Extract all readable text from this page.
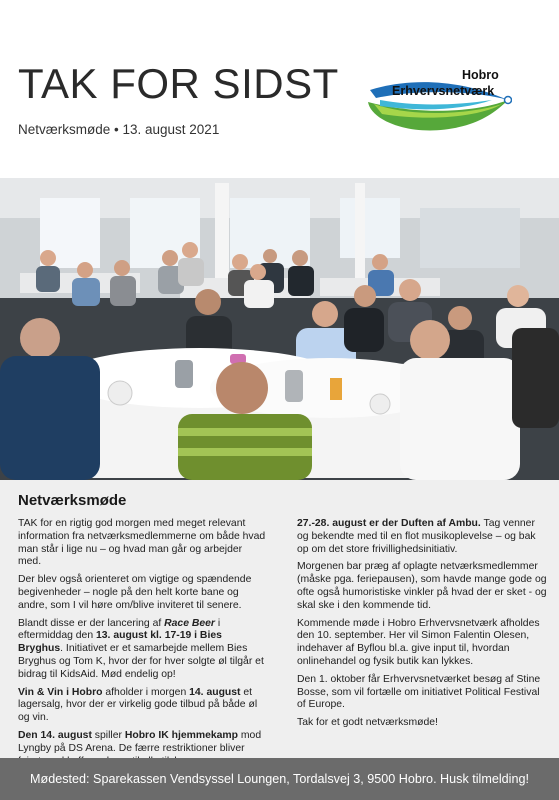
TAK FOR SIDST
Netværksmøde • 13. august 2021
Hobro
Erhvervsnetværk
Netværksmøde

TAK for en rigtig god morgen med meget relevant information fra netværksmedlemmerne om både hvad man står i lige nu – og hvad man går og arbejder med.

Der blev også orienteret om vigtige og spændende begivenheder – nogle på den helt korte bane og andre, som I vil høre om/blive inviteret til senere.

Blandt disse er der lancering af Race Beer i eftermiddag den 13. august kl. 17-19 i Bies Bryghus. Initiativet er et samarbejde mellem Bies Bryghus og Tom K, hvor der for hver solgte øl tilgår et bidrag til KidsAid. Mød endelig op!

Vin & Vin i Hobro afholder i morgen 14. august et lagersalg, hvor der er virkelig gode tilbud på både øl og vin.

Den 14. august spiller Hobro IK hjemmekamp mod Lyngby på DS Arena. De færre restriktioner bliver

27.-28. august er der Duften af Ambu. Tag venner og bekendte med til en flot musikoplevelse – og bak op om det store frivillighedsinitiativ.

Morgenen bar præg af oplagte netværksmedlemmer (måske pga. feriepausen), som havde mange gode og ofte også humoristiske vinkler på hvad der er sket - og skal ske i den kommende tid.

Kommende møde i Hobro Erhvervsnetværk afholdes den 10. september. Her vil Simon Falentin Olesen, indehaver af Byflou bl.a. give input til, hvordan onlinehandel og fysik butik kan lykkes.

Den 1. oktober får Erhvervsnetværket besøg af Stine Bosse, som vil fortælle om initiativet Political Festival of Europe.

Tak for et godt netværksmøde!

Mødested: Sparekassen Vendsyssel Loungen, Tordalsvej 3, 9500 Hobro. Husk tilmelding!
